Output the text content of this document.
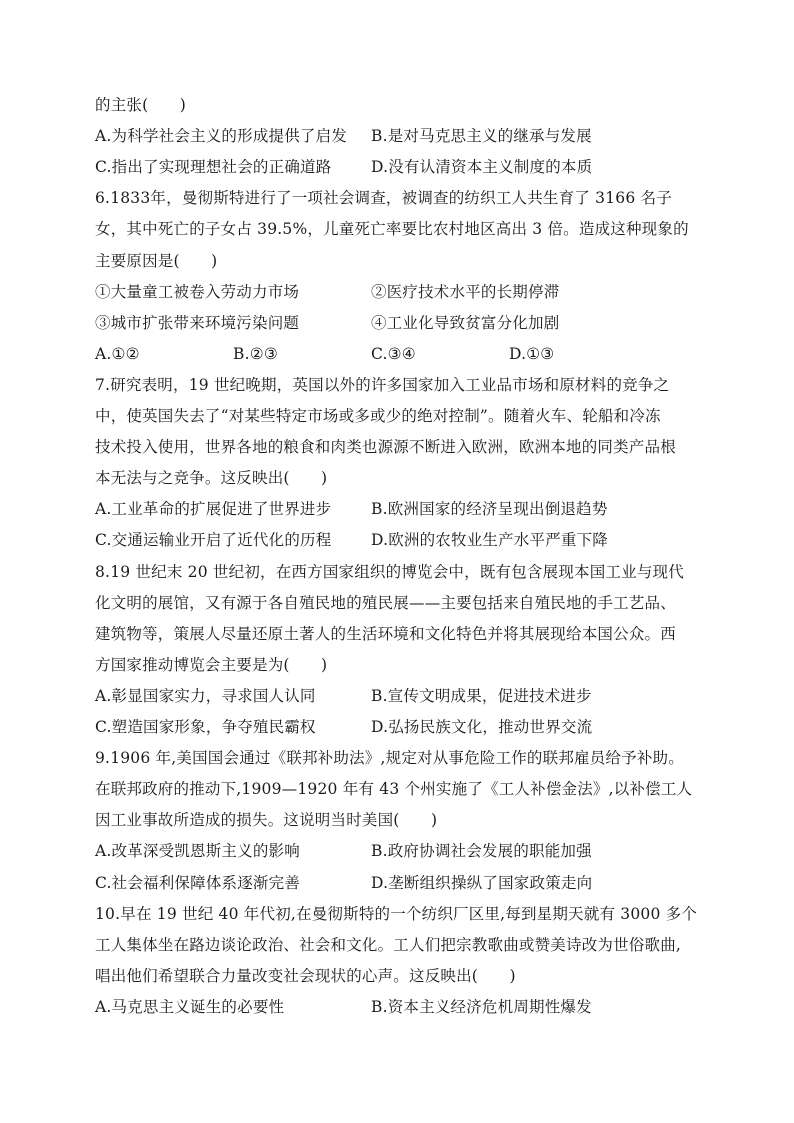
的主张(　　)
A.为科学社会主义的形成提供了启发 B.是对马克思主义的继承与发展
C.指出了实现理想社会的正确道路	D.没有认清资本主义制度的本质
6.1833年，曼彻斯特进行了一项社会调查，被调查的纺织工人共生育了 3166 名子
女，其中死亡的子女占 39.5%，儿童死亡率要比农村地区高出 3 倍。造成这种现象的
主要原因是(　　)
①大量童工被卷入劳动力市场	②医疗技术水平的长期停滞
③城市扩张带来环境污染问题	④工业化导致贫富分化加剧
A.①②	B.②③	C.③④	D.①③
7.研究表明，19 世纪晚期，英国以外的许多国家加入工业品市场和原材料的竞争之
中，使英国失去了“对某些特定市场或多或少的绝对控制”。随着火车、轮船和冷冻
技术投入使用，世界各地的粮食和肉类也源源不断进入欧洲，欧洲本地的同类产品根
本无法与之竞争。这反映出(　　)
A.工业革命的扩展促进了世界进步	B.欧洲国家的经济呈现出倒退趋势
C.交通运输业开启了近代化的历程	D.欧洲的农牧业生产水平严重下降
8.19 世纪末 20 世纪初，在西方国家组织的博览会中，既有包含展现本国工业与现代
化文明的展馆，又有源于各自殖民地的殖民展——主要包括来自殖民地的手工艺品、
建筑物等，策展人尽量还原土著人的生活环境和文化特色并将其展现给本国公众。西
方国家推动博览会主要是为(　　)
A.彰显国家实力，寻求国人认同	B.宣传文明成果，促进技术进步
C.塑造国家形象，争夺殖民霸权	D.弘扬民族文化，推动世界交流
9.1906 年,美国国会通过《联邦补助法》,规定对从事危险工作的联邦雇员给予补助。
在联邦政府的推动下,1909—1920 年有 43 个州实施了《工人补偿金法》,以补偿工人
因工业事故所造成的损失。这说明当时美国(　　)
A.改革深受凯恩斯主义的影响	B.政府协调社会发展的职能加强
C.社会福利保障体系逐渐完善	D.垄断组织操纵了国家政策走向
10.早在 19 世纪 40 年代初,在曼彻斯特的一个纺织厂区里,每到星期天就有 3000 多个
工人集体坐在路边谈论政治、社会和文化。工人们把宗教歌曲或赞美诗改为世俗歌曲,
唱出他们希望联合力量改变社会现状的心声。这反映出(　　)
A.马克思主义诞生的必要性	B.资本主义经济危机周期性爆发
